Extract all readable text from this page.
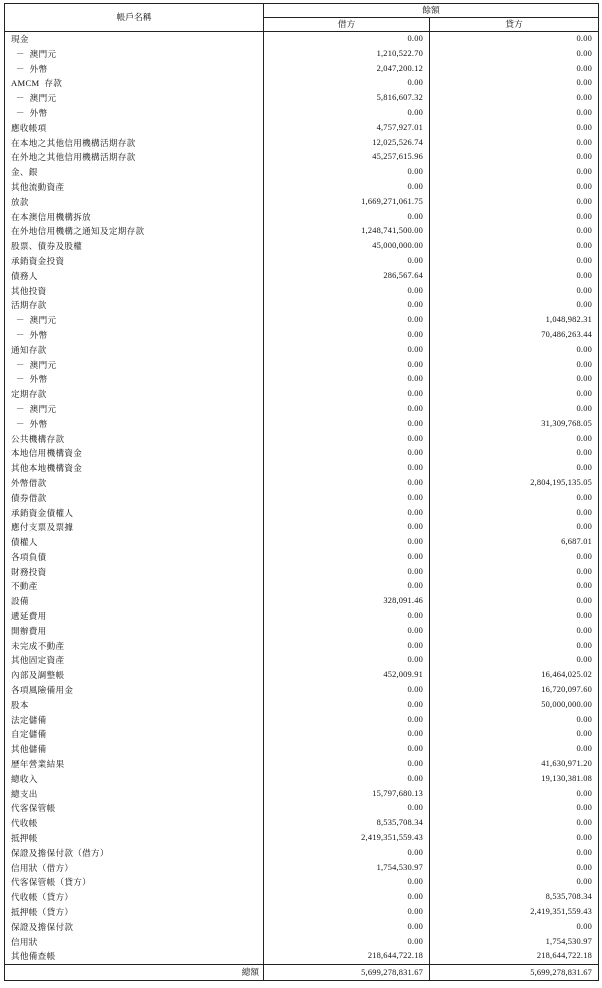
帳戶名稱	餘額	
	借方	貸方
現金	0.00	0.00
－  澳門元	1,210,522.70	0.00
－  外幣	2,047,200.12	0.00
AMCM  存款	0.00	0.00
－  澳門元	5,816,607.32	0.00
－  外幣	0.00	0.00
應收帳項	4,757,927.01	0.00
在本地之其他信用機構活期存款	12,025,526.74	0.00
在外地之其他信用機構活期存款	45,257,615.96	0.00
金、銀	0.00	0.00
其他流動資產	0.00	0.00
放款	1,669,271,061.75	0.00
在本澳信用機構拆放	0.00	0.00
在外地信用機構之通知及定期存款	1,248,741,500.00	0.00
股票、債券及股權	45,000,000.00	0.00
承銷資金投資	0.00	0.00
債務人	286,567.64	0.00
其他投資	0.00	0.00
活期存款	0.00	0.00
－  澳門元	0.00	1,048,982.31
－  外幣	0.00	70,486,263.44
通知存款	0.00	0.00
－  澳門元	0.00	0.00
－  外幣	0.00	0.00
定期存款	0.00	0.00
－  澳門元	0.00	0.00
－  外幣	0.00	31,309,768.05
公共機構存款	0.00	0.00
本地信用機構資金	0.00	0.00
其他本地機構資金	0.00	0.00
外幣借款	0.00	2,804,195,135.05
債券借款	0.00	0.00
承銷資金債權人	0.00	0.00
應付支票及票據	0.00	0.00
債權人	0.00	6,687.01
各項負債	0.00	0.00
財務投資	0.00	0.00
不動產	0.00	0.00
設備	328,091.46	0.00
遞延費用	0.00	0.00
開辦費用	0.00	0.00
未完成不動產	0.00	0.00
其他固定資產	0.00	0.00
內部及調整帳	452,009.91	16,464,025.02
各項風險備用金	0.00	16,720,097.60
股本	0.00	50,000,000.00
法定儲備	0.00	0.00
自定儲備	0.00	0.00
其他儲備	0.00	0.00
歷年營業結果	0.00	41,630,971.20
總收入	0.00	19,130,381.08
總支出	15,797,680.13	0.00
代客保管帳	0.00	0.00
代收帳	8,535,708.34	0.00
抵押帳	2,419,351,559.43	0.00
保證及擔保付款（借方）	0.00	0.00
信用狀（借方）	1,754,530.97	0.00
代客保管帳（貸方）	0.00	0.00
代收帳（貸方）	0.00	8,535,708.34
抵押帳（貸方）	0.00	2,419,351,559.43
保證及擔保付款	0.00	0.00
信用狀	0.00	1,754,530.97
其他備查帳	218,644,722.18	218,644,722.18
總額	5,699,278,831.67	5,699,278,831.67
